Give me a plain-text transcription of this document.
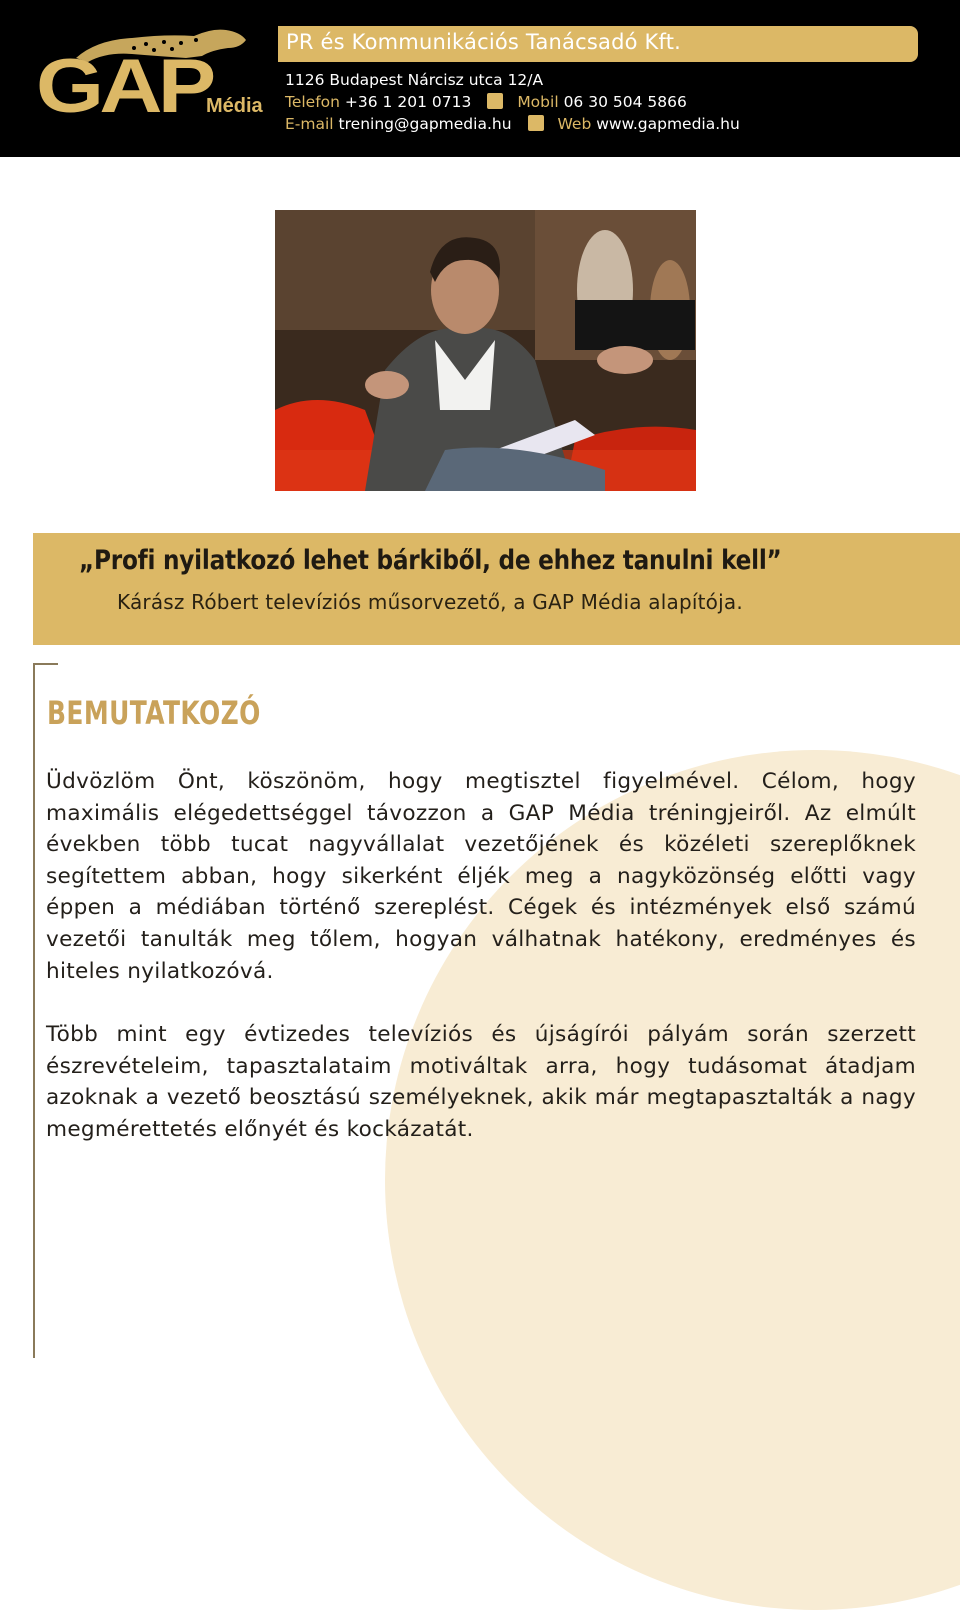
GAP
Média
PR és Kommunikációs Tanácsadó Kft.
1126 Budapest Nárcisz utca 12/A
Telefon +36 1 201 0713	Mobil 06 30 504 5866
E-mail trening@gapmedia.hu	Web www.gapmedia.hu
„Profi nyilatkozó lehet bárkiből, de ehhez tanulni kell”
Kárász Róbert televíziós műsorvezető, a GAP Média alapítója.
BEMUTATKOZÓ
Üdvözlöm Önt, köszönöm, hogy megtisztel figyelmével. Célom, hogy maximális elégedettséggel távozzon a GAP Média tréningjeiről. Az elmúlt években több tucat nagyvállalat vezetőjének és közéleti szereplőknek segítettem abban, hogy sikerként éljék meg a nagyközönség előtti vagy éppen a médiában történő szereplést. Cégek és intézmények első számú vezetői tanulták meg tőlem, hogyan válhatnak hatékony, eredményes és hiteles nyilatkozóvá.
Több mint egy évtizedes televíziós és újságírói pályám során szerzett észrevételeim, tapasztalataim motiváltak arra, hogy tudásomat átadjam azoknak a vezető beosztású személyeknek, akik már megtapasztalták a nagy megmérettetés előnyét és kockázatát.
